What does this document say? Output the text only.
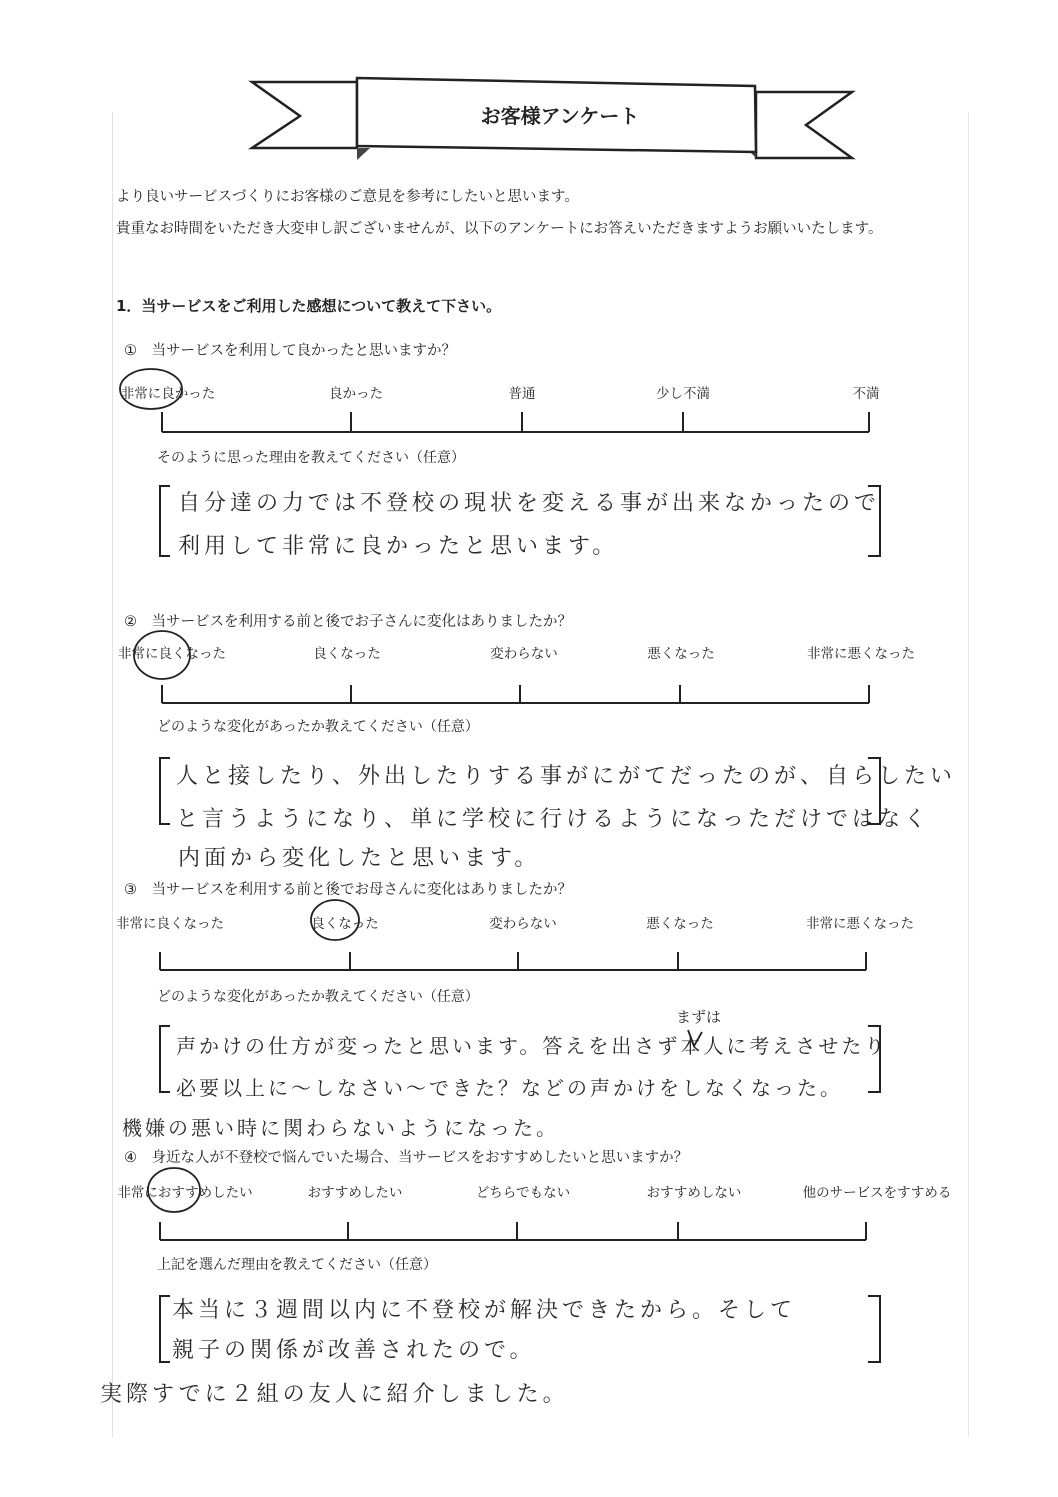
お客様アンケート
より良いサービスづくりにお客様のご意見を参考にしたいと思います。
貴重なお時間をいただき大変申し訳ございませんが、以下のアンケートにお答えいただきますようお願いいたします。
1．当サービスをご利用した感想について教えて下さい。
①　当サービスを利用して良かったと思いますか？
非常に良かった	良かった	普通	少し不満	不満
そのように思った理由を教えてください（任意）
自分達の力では不登校の現状を変える事が出来なかったので
利用して非常に良かったと思います。
②　当サービスを利用する前と後でお子さんに変化はありましたか？
非常に良くなった	良くなった	変わらない	悪くなった	非常に悪くなった
どのような変化があったか教えてください（任意）
人と接したり、外出したりする事がにがてだったのが、自らしたい
と言うようになり、単に学校に行けるようになっただけではなく
内面から変化したと思います。
③　当サービスを利用する前と後でお母さんに変化はありましたか？
非常に良くなった	良くなった	変わらない	悪くなった	非常に悪くなった
どのような変化があったか教えてください（任意）
まずは
声かけの仕方が変ったと思います。答えを出さず本人に考えさせたり
必要以上に～しなさい～できた？などの声かけをしなくなった。
機嫌の悪い時に関わらないようになった。
④　身近な人が不登校で悩んでいた場合、当サービスをおすすめしたいと思いますか？
非常におすすめしたい	おすすめしたい	どちらでもない	おすすめしない	他のサービスをすすめる
上記を選んだ理由を教えてください（任意）
本当に３週間以内に不登校が解決できたから。そして
親子の関係が改善されたので。
実際すでに２組の友人に紹介しました。
